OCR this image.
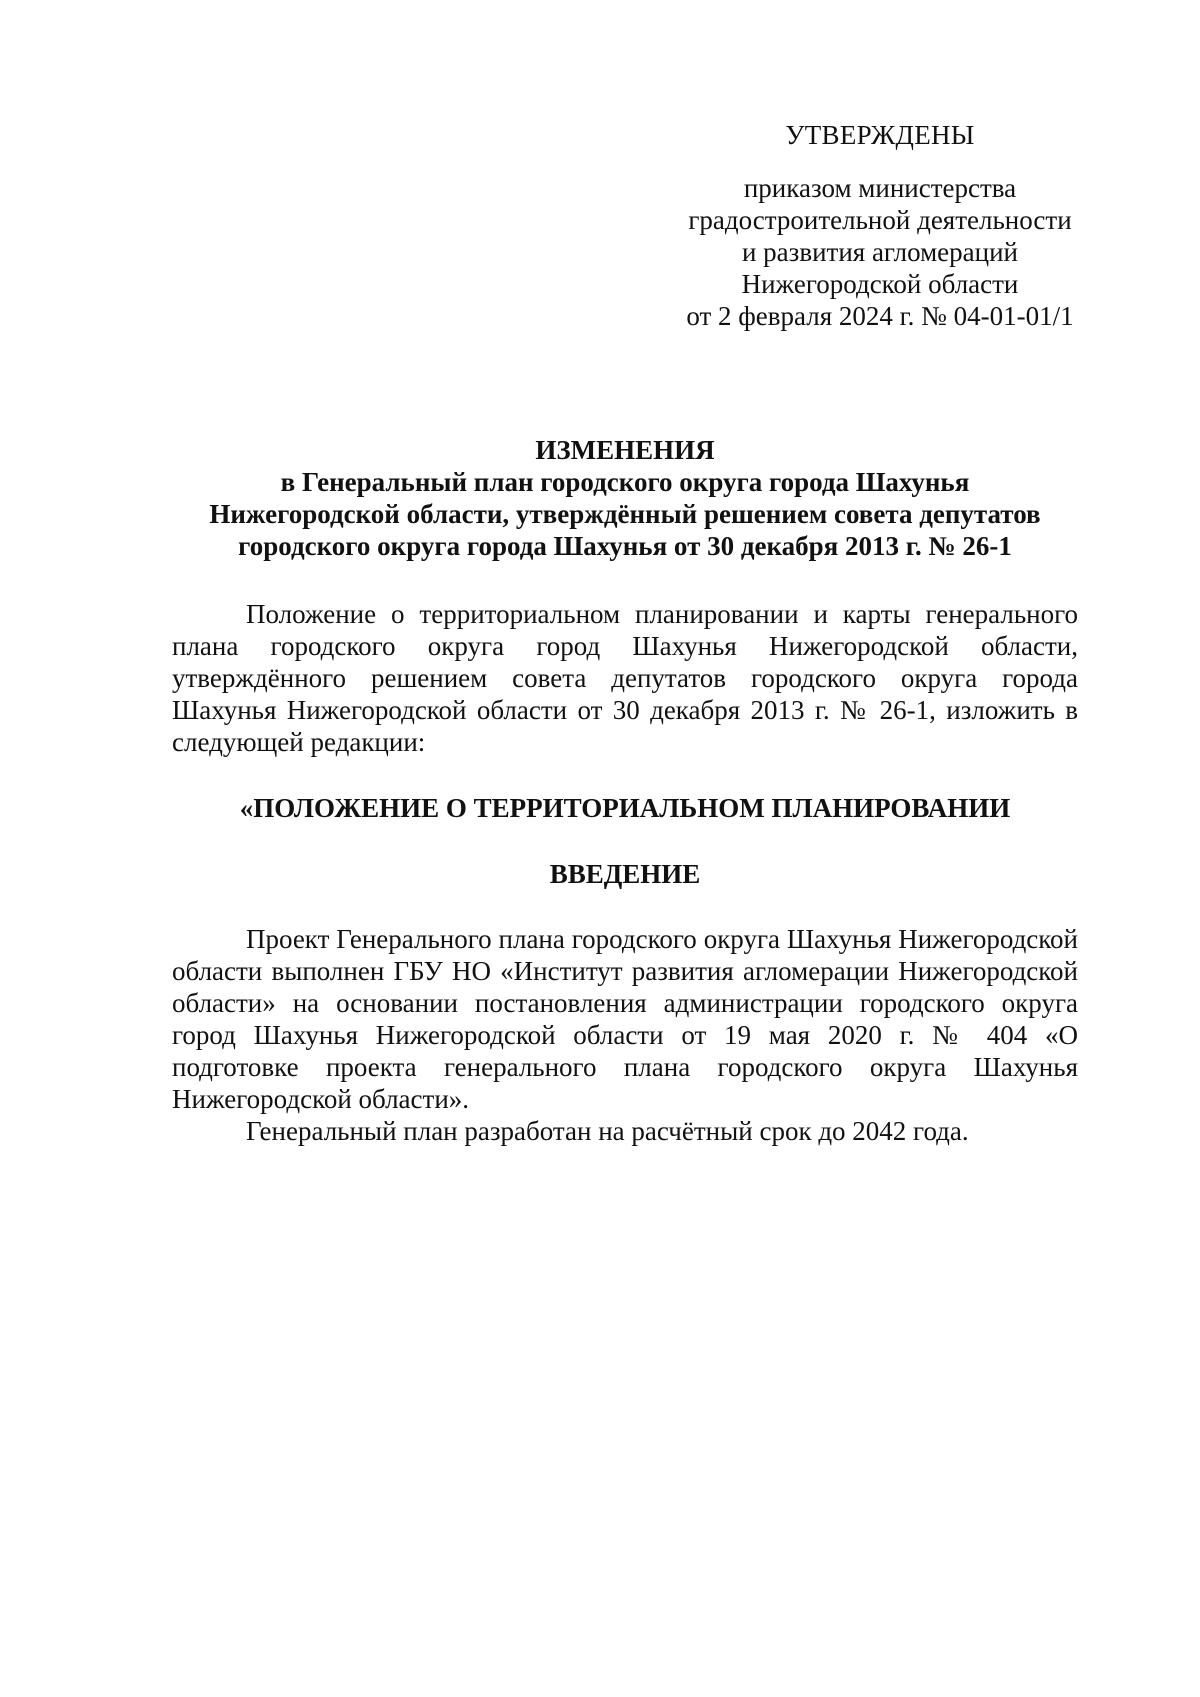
УТВЕРЖДЕНЫ

приказом министерства

градостроительной деятельности

и развития агломераций

Нижегородской области

от 2 февраля 2024 г. № 04-01-01/1

ИЗМЕНЕНИЯ

в Генеральный план городского округа города Шахунья

Нижегородской области, утверждённый решением совета депутатов

городского округа города Шахунья от 30 декабря 2013 г. № 26-1

Положение о территориальном планировании и карты генерального плана городского округа город Шахунья Нижегородской области, утверждённого решением совета депутатов городского округа города Шахунья Нижегородской области от 30 декабря 2013 г. № 26-1, изложить в следующей редакции:

«ПОЛОЖЕНИЕ О ТЕРРИТОРИАЛЬНОМ ПЛАНИРОВАНИИ

ВВЕДЕНИЕ

Проект Генерального плана городского округа Шахунья Нижегородской области выполнен ГБУ НО «Институт развития агломерации Нижегородской области» на основании постановления администрации городского округа город Шахунья Нижегородской области от 19 мая 2020 г. № 404 «О подготовке проекта генерального плана городского округа Шахунья Нижегородской области».

Генеральный план разработан на расчётный срок до 2042 года.
